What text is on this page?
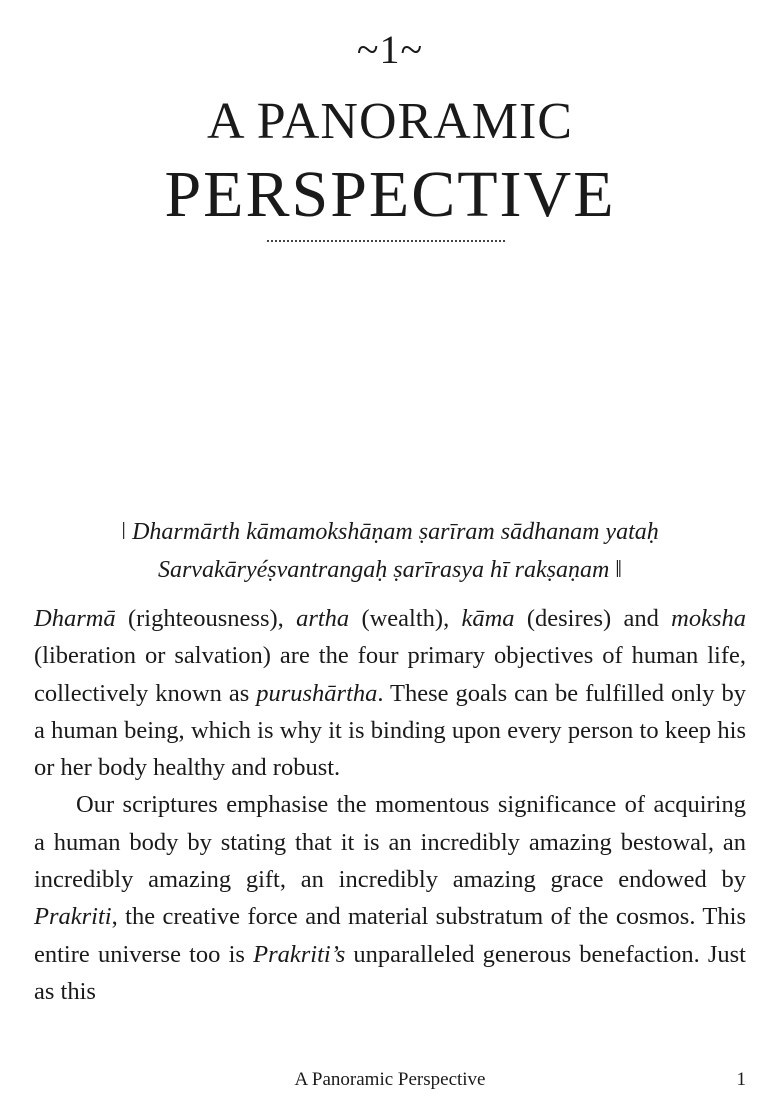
~1~
A PANORAMIC
PERSPECTIVE
ǀ Dharmārth kāmamokshāṇam ṣarīram sādhanam yataḥ
Sarvakāryéṣvantrangaḥ ṣarīrasya hī rakṣaṇam ǁ

Dharmā (righteousness), artha (wealth), kāma (desires) and moksha (liberation or salvation) are the four primary objectives of human life, collectively known as purushārtha. These goals can be fulfilled only by a human being, which is why it is binding upon every person to keep his or her body healthy and robust.

Our scriptures emphasise the momentous significance of acquiring a human body by stating that it is an incredibly amazing bestowal, an incredibly amazing gift, an incredibly amazing grace endowed by Prakriti, the creative force and material substratum of the cosmos. This entire universe too is Prakriti’s unparalleled generous benefaction. Just as this

A Panoramic Perspective	1
